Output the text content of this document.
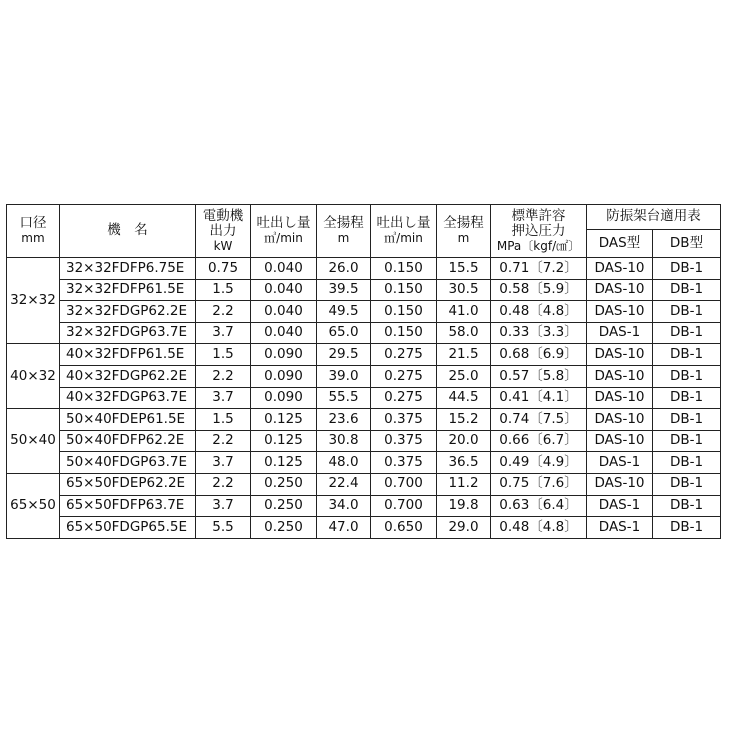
口径
mm	機　名	電動機
出力
kW	吐出し量
㎥/min	全揚程
m	吐出し量
㎥/min	全揚程
m	標準許容
押込圧力
MPa〔kgf/㎠〕	防振架台適用表	
								DAS型	DB型
32×32	32×32FDFP6.75E	0.75	0.040	26.0	0.150	15.5	0.71〔7.2〕	DAS-10	DB-1
	32×32FDFP61.5E	1.5	0.040	39.5	0.150	30.5	0.58〔5.9〕	DAS-10	DB-1
	32×32FDGP62.2E	2.2	0.040	49.5	0.150	41.0	0.48〔4.8〕	DAS-10	DB-1
	32×32FDGP63.7E	3.7	0.040	65.0	0.150	58.0	0.33〔3.3〕	DAS-1	DB-1
40×32	40×32FDFP61.5E	1.5	0.090	29.5	0.275	21.5	0.68〔6.9〕	DAS-10	DB-1
	40×32FDGP62.2E	2.2	0.090	39.0	0.275	25.0	0.57〔5.8〕	DAS-10	DB-1
	40×32FDGP63.7E	3.7	0.090	55.5	0.275	44.5	0.41〔4.1〕	DAS-10	DB-1
50×40	50×40FDEP61.5E	1.5	0.125	23.6	0.375	15.2	0.74〔7.5〕	DAS-10	DB-1
	50×40FDFP62.2E	2.2	0.125	30.8	0.375	20.0	0.66〔6.7〕	DAS-10	DB-1
	50×40FDGP63.7E	3.7	0.125	48.0	0.375	36.5	0.49〔4.9〕	DAS-1	DB-1
65×50	65×50FDEP62.2E	2.2	0.250	22.4	0.700	11.2	0.75〔7.6〕	DAS-10	DB-1
	65×50FDFP63.7E	3.7	0.250	34.0	0.700	19.8	0.63〔6.4〕	DAS-1	DB-1
	65×50FDGP65.5E	5.5	0.250	47.0	0.650	29.0	0.48〔4.8〕	DAS-1	DB-1
